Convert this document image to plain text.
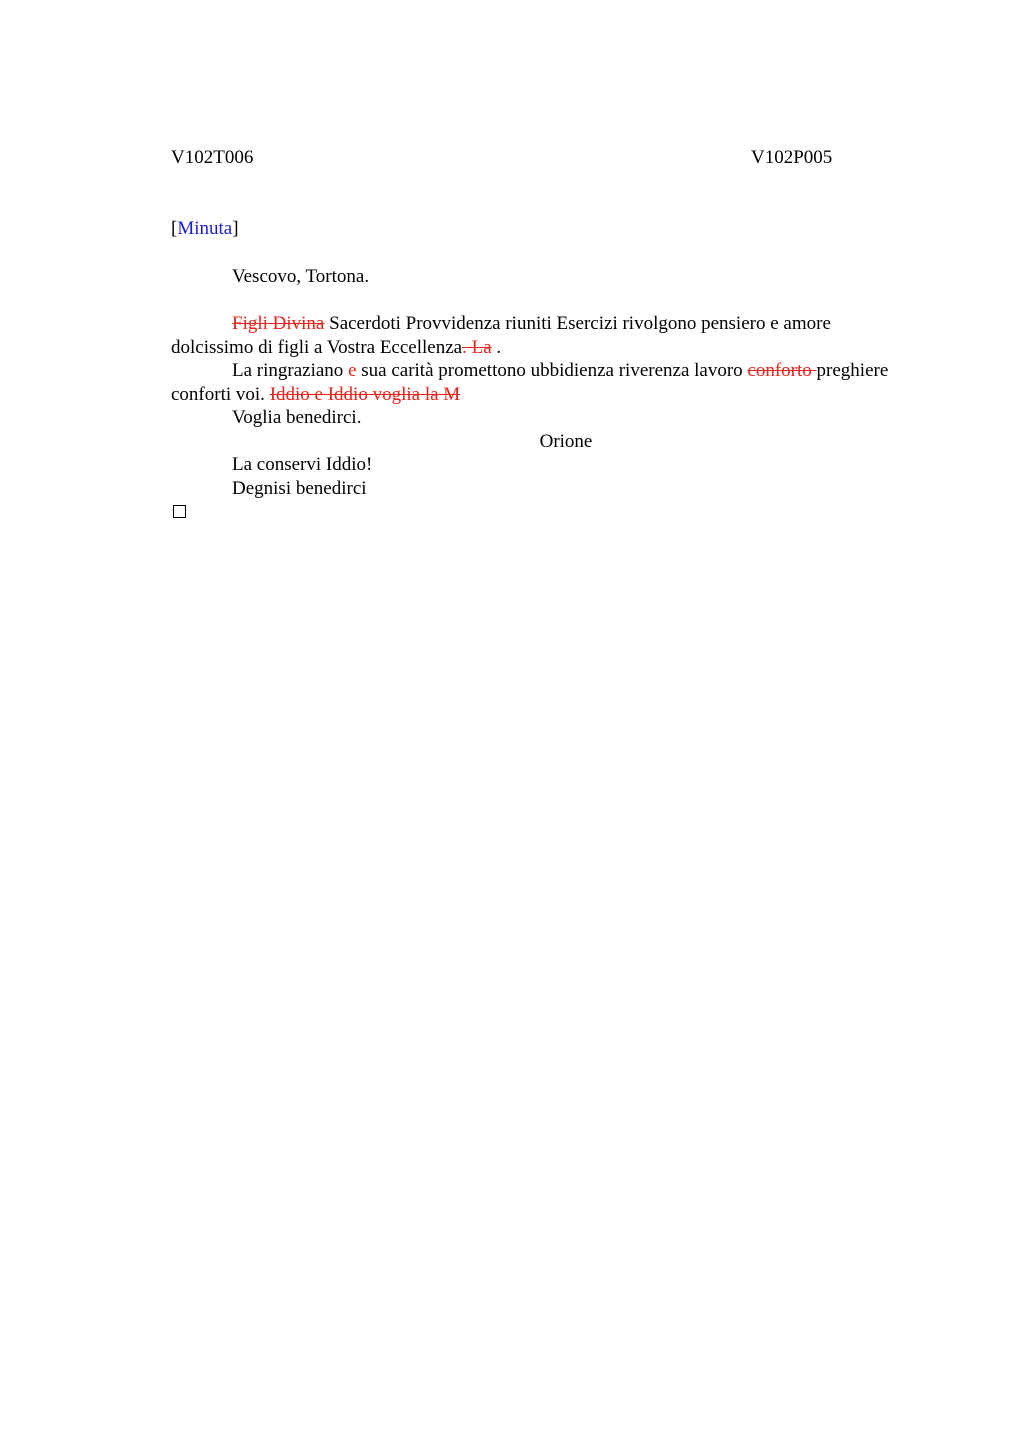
V102T006	V102P005
[Minuta]

Vescovo, Tortona.

Figli Divina Sacerdoti Provvidenza riuniti Esercizi rivolgono pensiero e amore dolcissimo di figli a Vostra Eccellenza. La .

La ringraziano e sua carità promettono ubbidienza riverenza lavoro conforto preghiere conforti voi. Iddio e Iddio voglia la M

Voglia benedirci.

Orione

La conservi Iddio!

Degnisi benedirci
